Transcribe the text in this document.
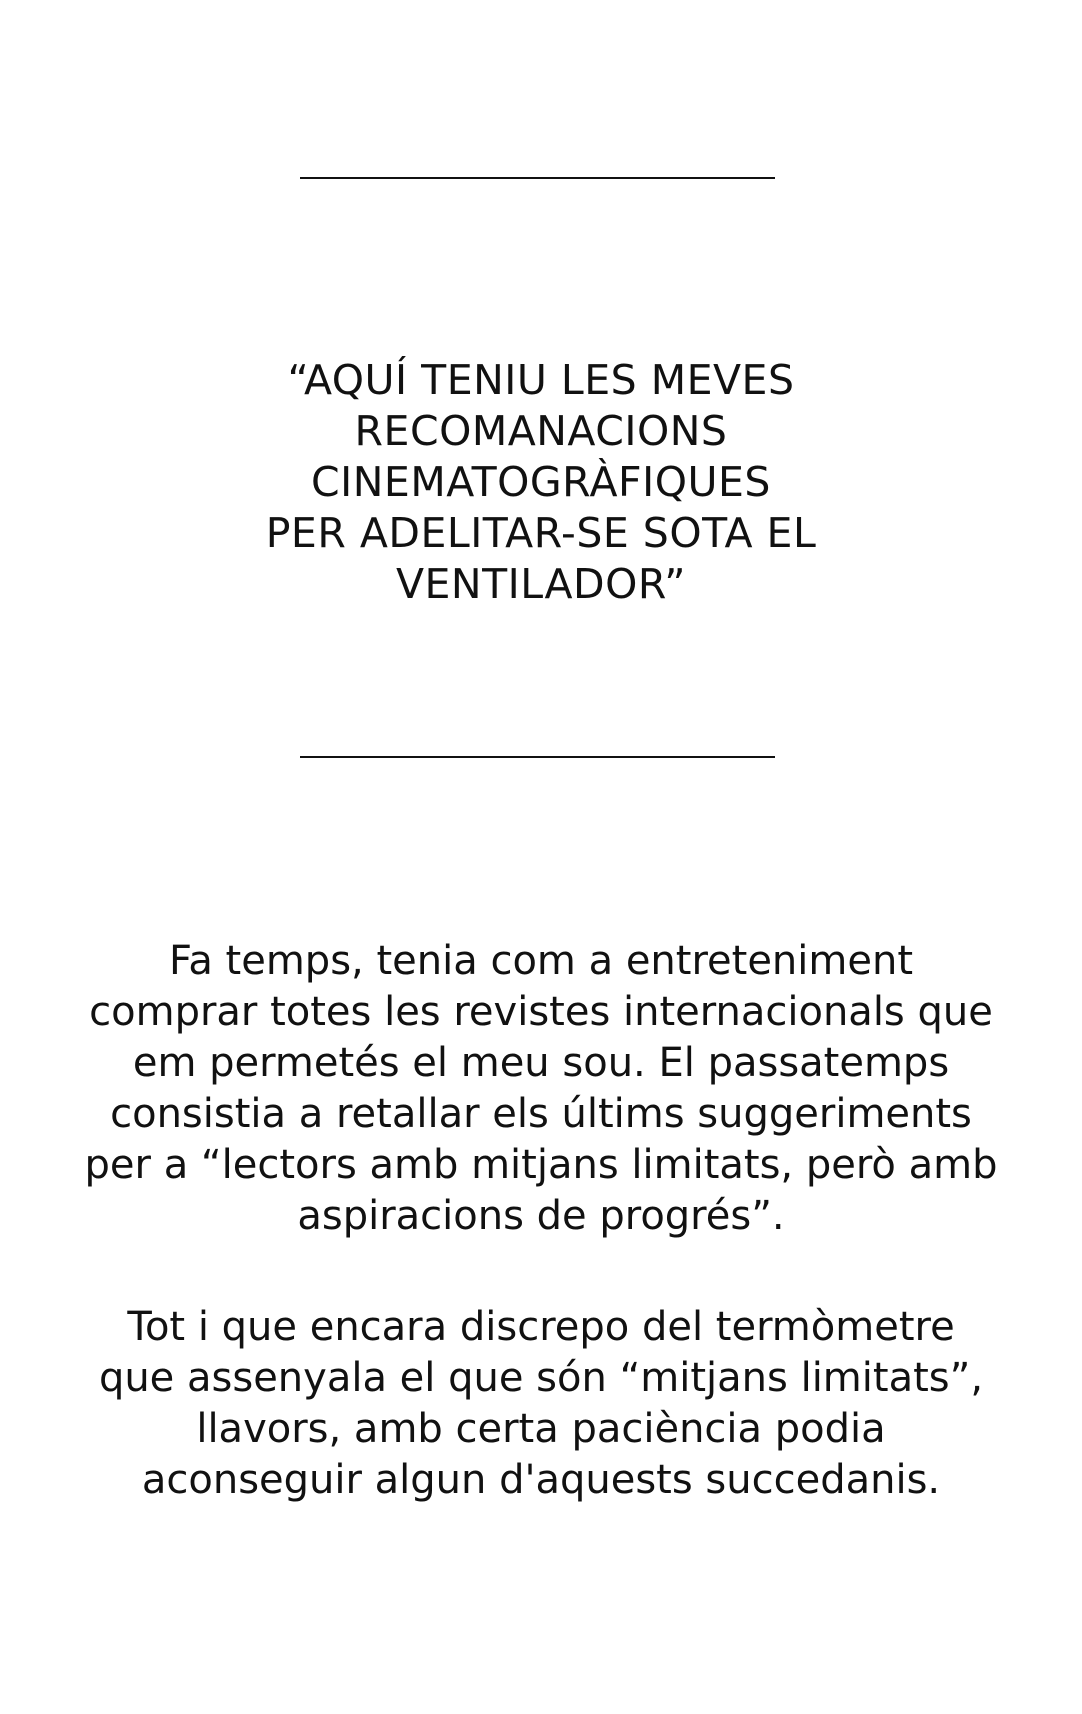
“AQUÍ TENIU LES MEVES
RECOMANACIONS
CINEMATOGRÀFIQUES
PER ADELITAR-SE SOTA EL
VENTILADOR”
Fa temps, tenia com a entreteniment
comprar totes les revistes internacionals que
em permetés el meu sou. El passatemps
consistia a retallar els últims suggeriments
per a “lectors amb mitjans limitats, però amb
aspiracions de progrés”.
Tot i que encara discrepo del termòmetre
que assenyala el que són “mitjans limitats”,
llavors, amb certa paciència podia
aconseguir algun d'aquests succedanis.
